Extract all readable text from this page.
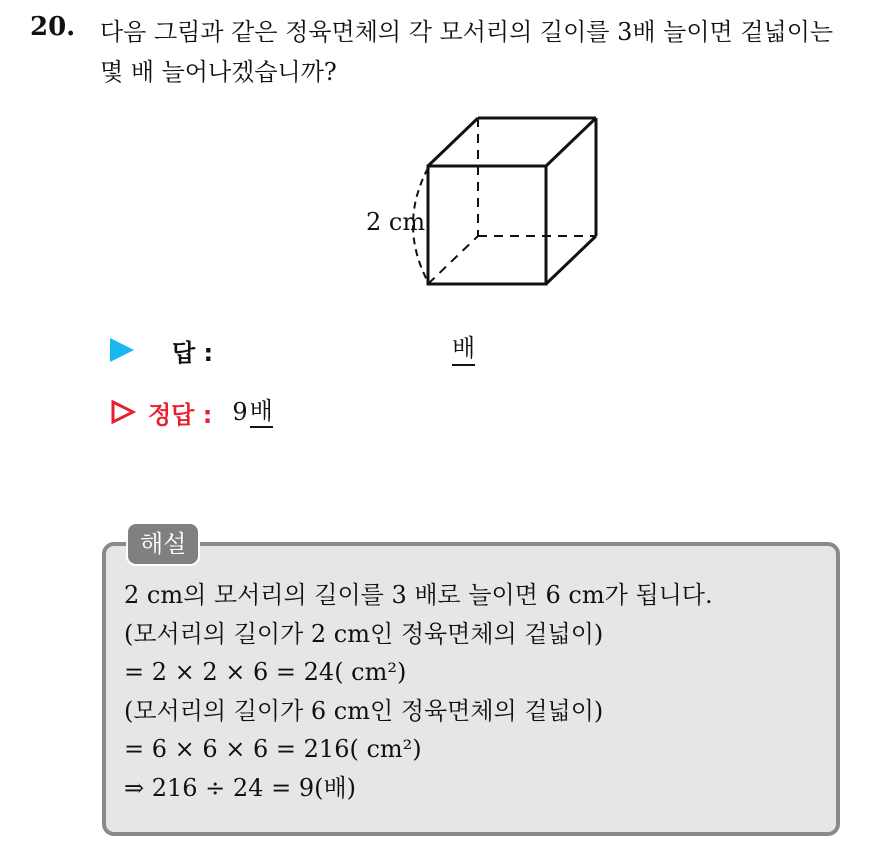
20. 다음 그림과 같은 정육면체의 각 모서리의 길이를 3배 늘이면 겉넓이는
몇 배 늘어나겠습니까?
2 cm
답 :	배
정답 : 9 배
해설
2 cm의 모서리의 길이를 3 배로 늘이면 6 cm가 됩니다.
(모서리의 길이가 2 cm인 정육면체의 겉넓이)
= 2 × 2 × 6 = 24( cm²)
(모서리의 길이가 6 cm인 정육면체의 겉넓이)
= 6 × 6 × 6 = 216( cm²)
⇒ 216 ÷ 24 = 9(배)
